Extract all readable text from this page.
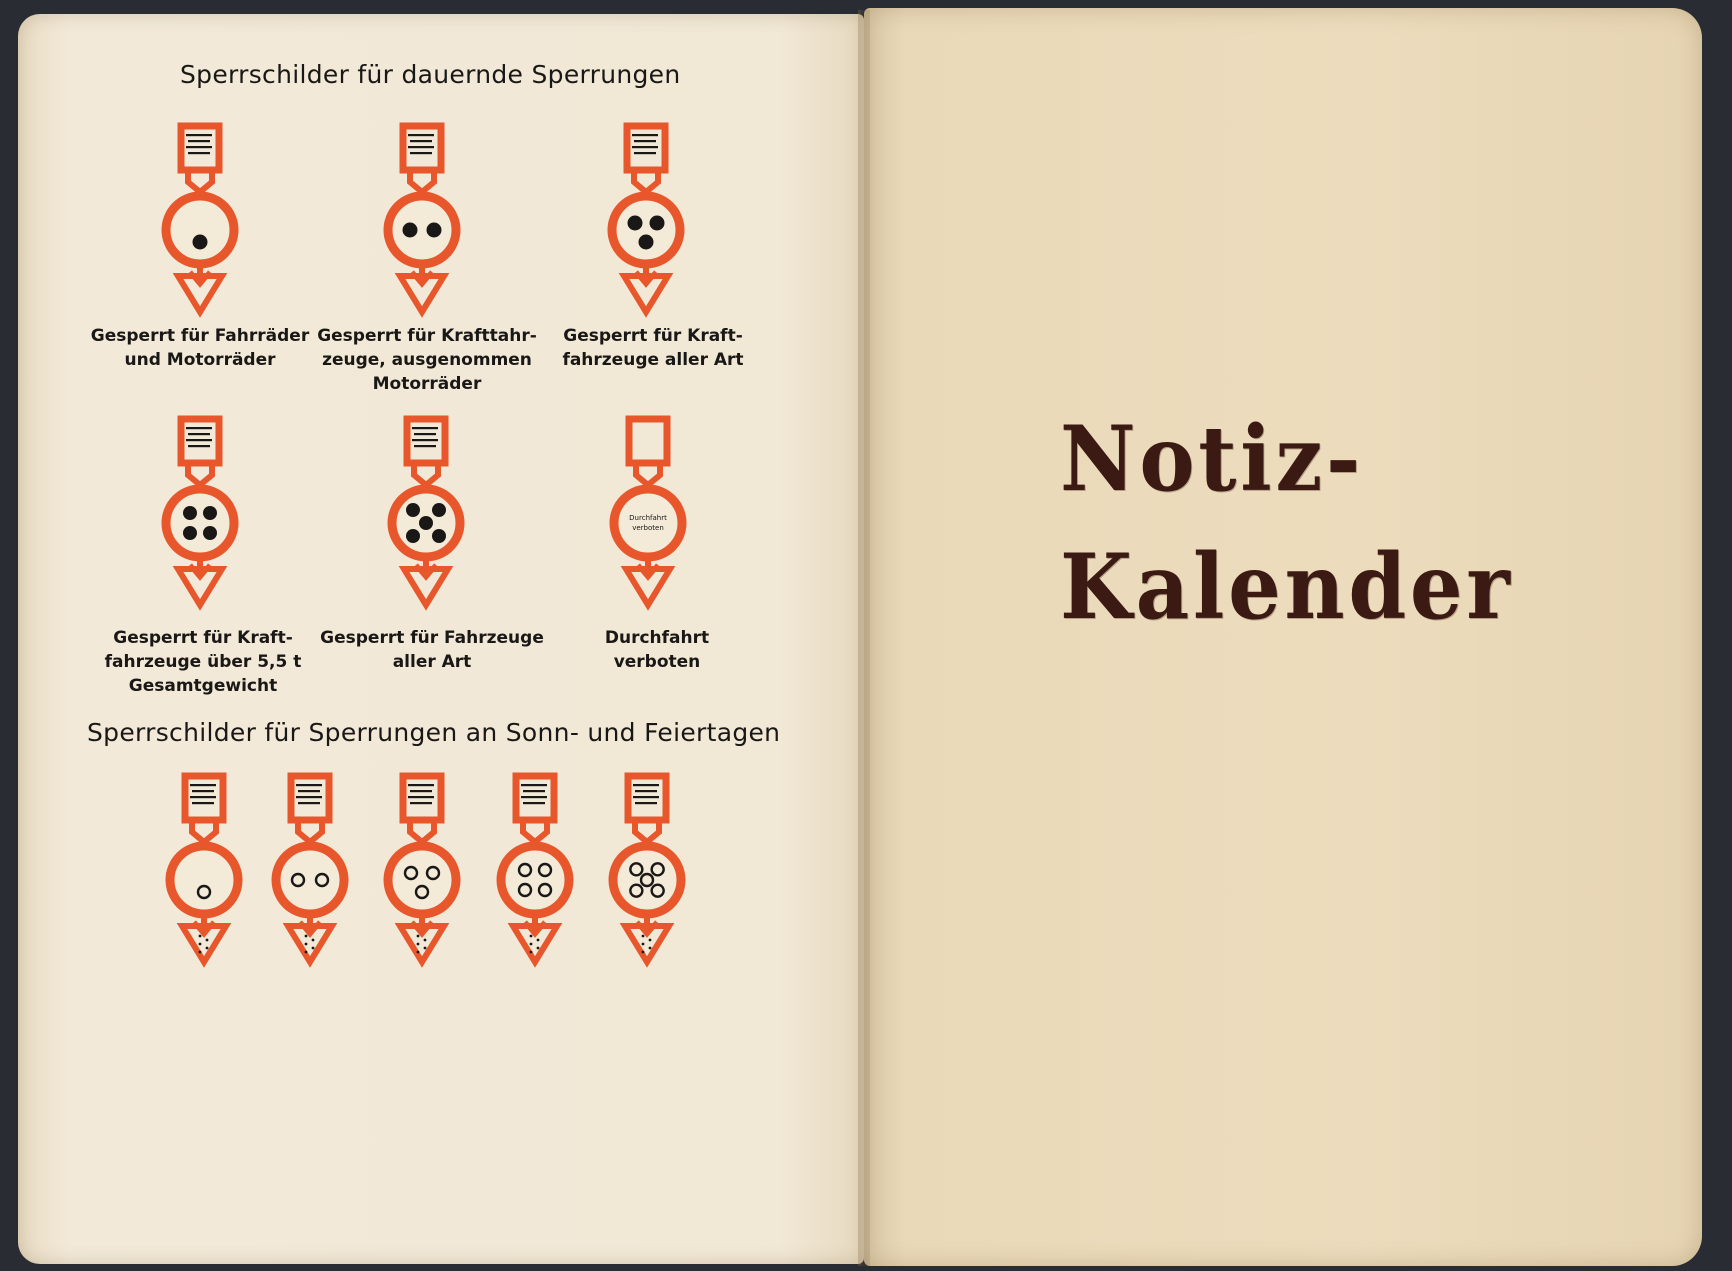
Sperrschilder für dauernde Sperrungen
Durchfahrt
verboten
Gesperrt für Fahrräder
und Motorräder
Gesperrt für Krafttahr-
zeuge, ausgenommen
Motorräder
Gesperrt für Kraft-
fahrzeuge aller Art
Gesperrt für Kraft-
fahrzeuge über 5,5 t
Gesamtgewicht
Gesperrt für Fahrzeuge
aller Art
Durchfahrt
verboten
Sperrschilder für Sperrungen an Sonn- und Feiertagen
Notiz-
Kalender
